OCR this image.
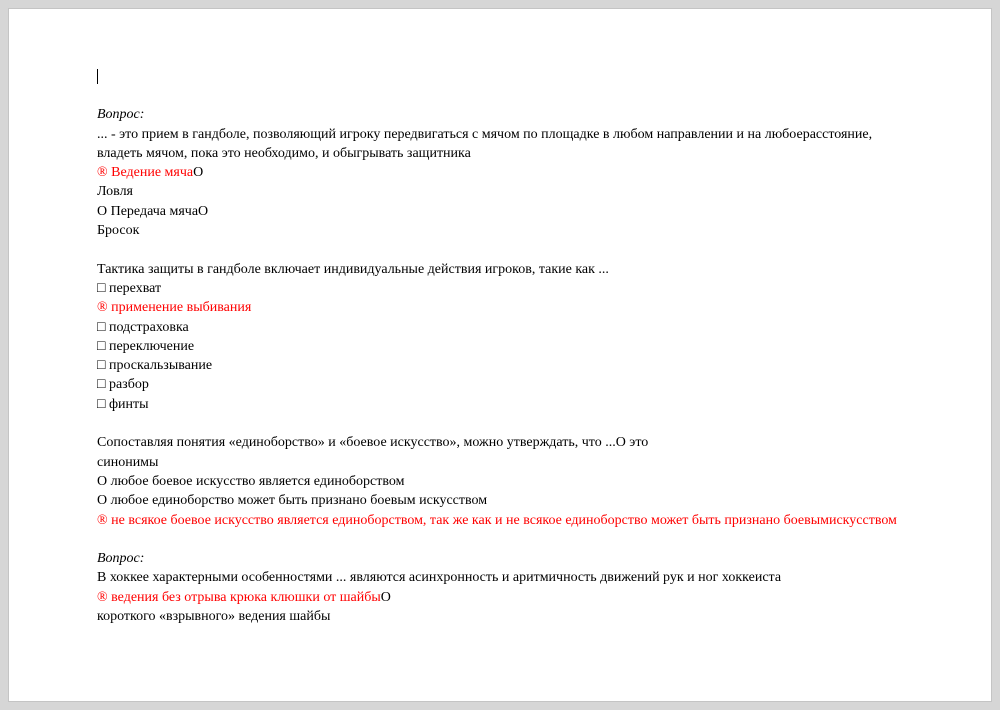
Вопрос:
... - это прием в гандболе, позволяющий игроку передвигаться с мячом по площадке в любом направлении и на любоерасстояние,
владеть мячом, пока это необходимо, и обыгрывать защитника
® Ведение мячаО
Ловля
О Передача мячаО
Бросок
Тактика защиты в гандболе включает индивидуальные действия игроков, такие как ...
□ перехват
® применение выбивания
□ подстраховка
□ переключение
□ проскальзывание
□ разбор
□ финты
Сопоставляя понятия «единоборство» и «боевое искусство», можно утверждать, что ...О это
синонимы
О любое боевое искусство является единоборством
О любое единоборство может быть признано боевым искусством
® не всякое боевое искусство является единоборством, так же как и не всякое единоборство может быть признано боевымискусством
Вопрос:
В хоккее характерными особенностями ... являются асинхронность и аритмичность движений рук и ног хоккеиста
® ведения без отрыва крюка клюшки от шайбыО
короткого «взрывного» ведения шайбы
